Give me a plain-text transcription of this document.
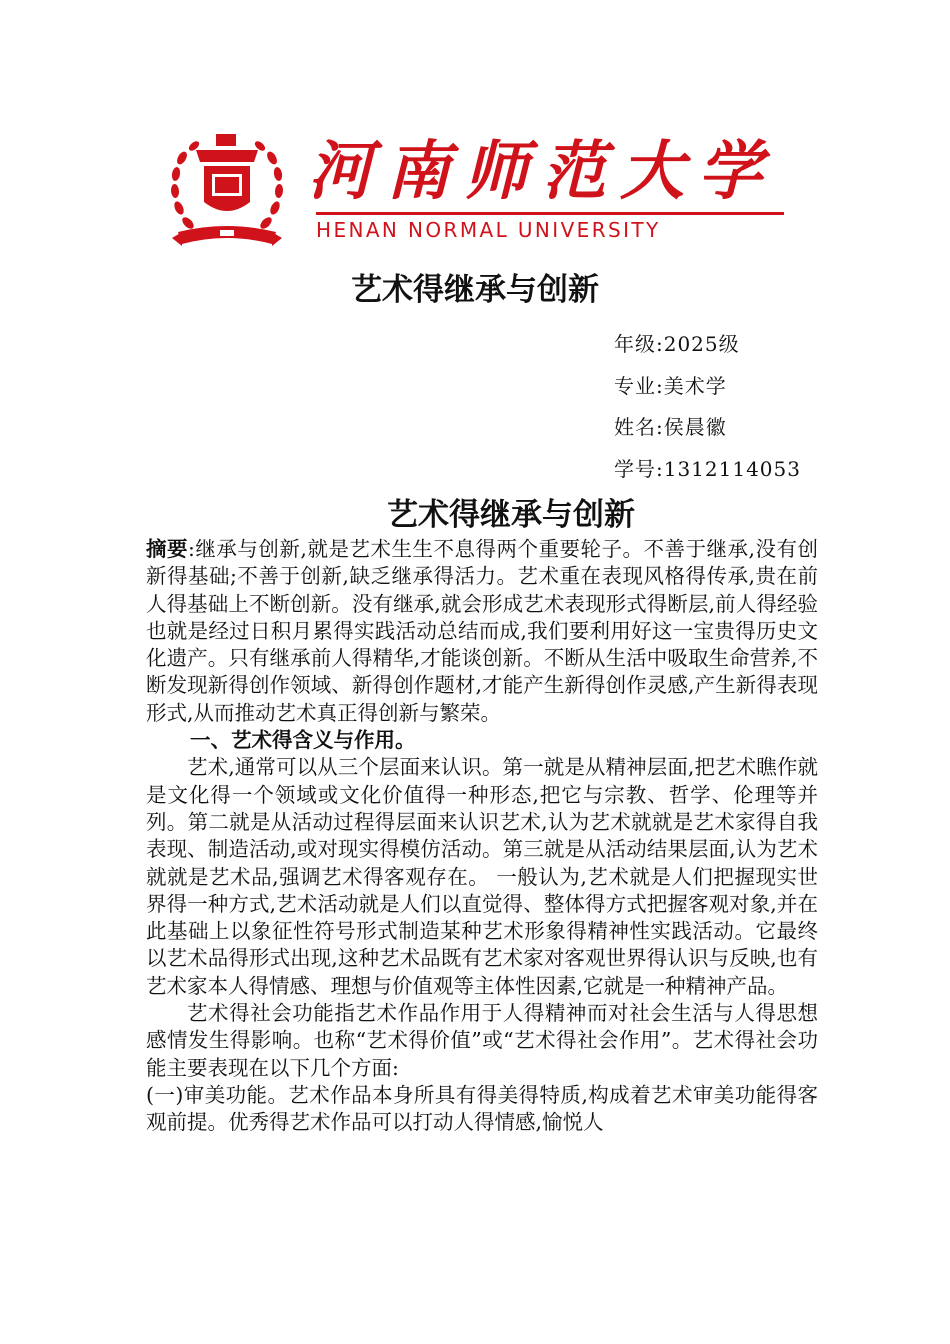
河南师范大学
HENAN NORMAL UNIVERSITY
艺术得继承与创新
年级:2025级
专业:美术学
姓名:侯晨徽
学号:1312114053
艺术得继承与创新

摘要:继承与创新,就是艺术生生不息得两个重要轮子。不善于继承,没有创新得基础;不善于创新,缺乏继承得活力。艺术重在表现风格得传承,贵在前人得基础上不断创新。没有继承,就会形成艺术表现形式得断层,前人得经验也就是经过日积月累得实践活动总结而成,我们要利用好这一宝贵得历史文化遗产。只有继承前人得精华,才能谈创新。不断从生活中吸取生命营养,不断发现新得创作领域、新得创作题材,才能产生新得创作灵感,产生新得表现形式,从而推动艺术真正得创新与繁荣。

一、艺术得含义与作用。

艺术,通常可以从三个层面来认识。第一就是从精神层面,把艺术瞧作就是文化得一个领域或文化价值得一种形态,把它与宗教、哲学、伦理等并列。第二就是从活动过程得层面来认识艺术,认为艺术就就是艺术家得自我表现、制造活动,或对现实得模仿活动。第三就是从活动结果层面,认为艺术就就是艺术品,强调艺术得客观存在。 一般认为,艺术就是人们把握现实世界得一种方式,艺术活动就是人们以直觉得、整体得方式把握客观对象,并在此基础上以象征性符号形式制造某种艺术形象得精神性实践活动。它最终以艺术品得形式出现,这种艺术品既有艺术家对客观世界得认识与反映,也有艺术家本人得情感、理想与价值观等主体性因素,它就是一种精神产品。

艺术得社会功能指艺术作品作用于人得精神而对社会生活与人得思想感情发生得影响。也称“艺术得价值”或“艺术得社会作用”。艺术得社会功能主要表现在以下几个方面:

(一)审美功能。艺术作品本身所具有得美得特质,构成着艺术审美功能得客观前提。优秀得艺术作品可以打动人得情感,愉悦人
